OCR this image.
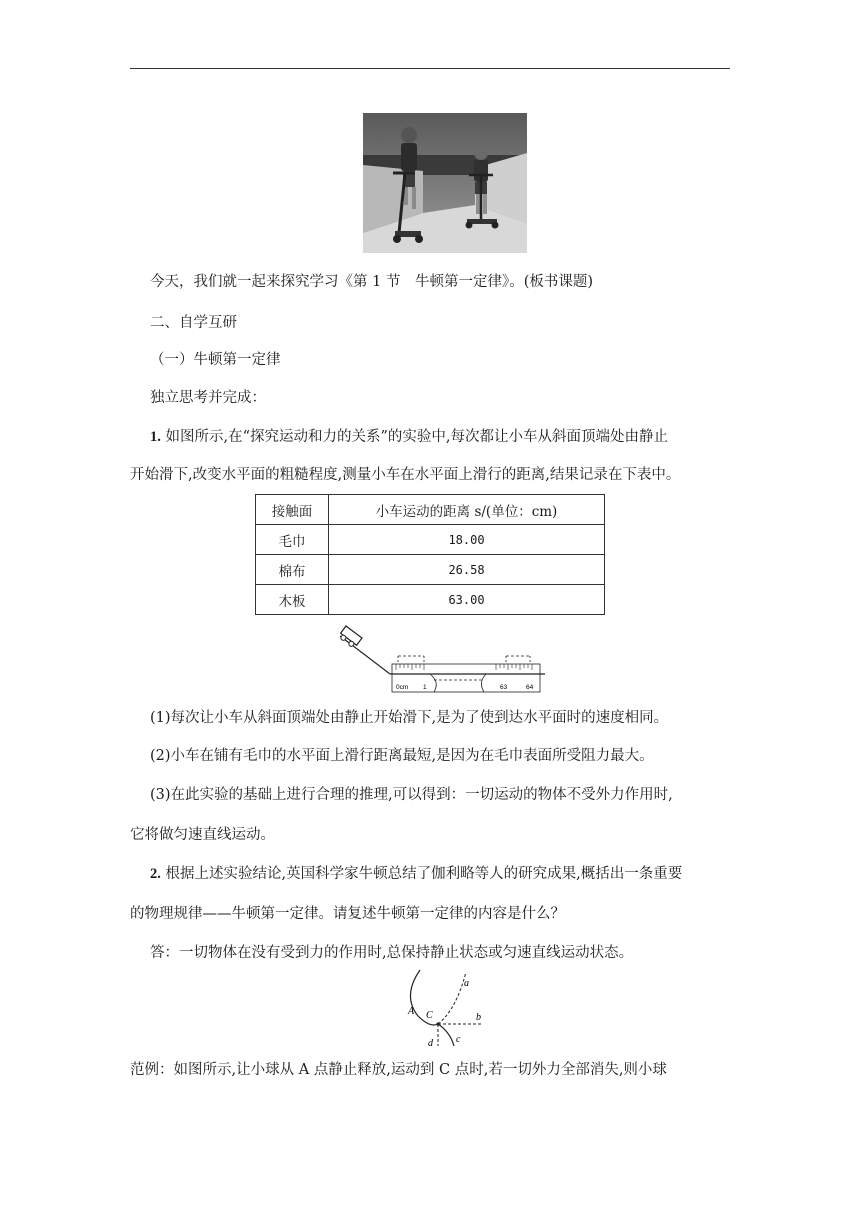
今天，我们就一起来探究学习《第 1 节　牛顿第一定律》。(板书课题)
二、自学互研
（一）牛顿第一定律
独立思考并完成：
1. 如图所示,在“探究运动和力的关系”的实验中,每次都让小车从斜面顶端处由静止
开始滑下,改变水平面的粗糙程度,测量小车在水平面上滑行的距离,结果记录在下表中。
接触面	小车运动的距离 s/(单位：cm)
毛巾	18.00
棉布	26.58
木板	63.00
0cm 1	63	64
(1)每次让小车从斜面顶端处由静止开始滑下,是为了使到达水平面时的速度相同。
(2)小车在铺有毛巾的水平面上滑行距离最短,是因为在毛巾表面所受阻力最大。
(3)在此实验的基础上进行合理的推理,可以得到：一切运动的物体不受外力作用时,
它将做匀速直线运动。
2. 根据上述实验结论,英国科学家牛顿总结了伽利略等人的研究成果,概括出一条重要
的物理规律——牛顿第一定律。请复述牛顿第一定律的内容是什么？
答：一切物体在没有受到力的作用时,总保持静止状态或匀速直线运动状态。
A C
a
b
c
d
范例：如图所示,让小球从 A 点静止释放,运动到 C 点时,若一切外力全部消失,则小球
